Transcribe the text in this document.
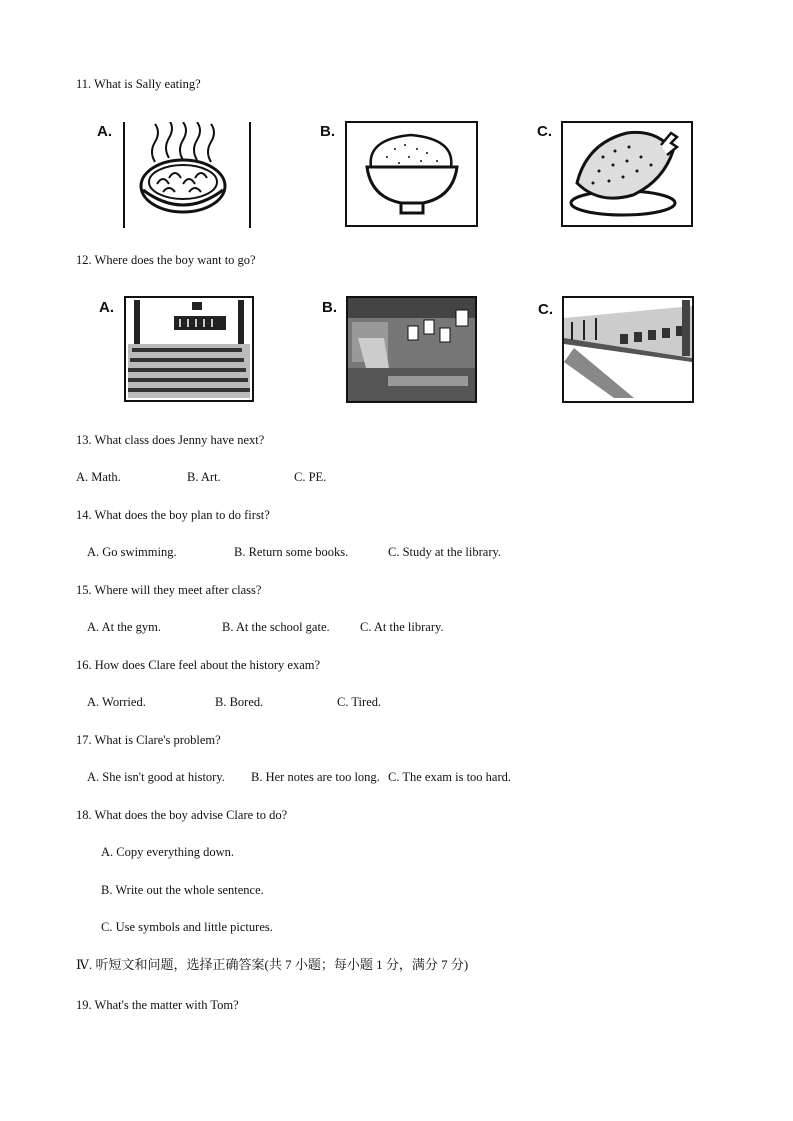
11. What is Sally eating?
A.	B.	C.
12. Where does the boy want to go?
A.	B.	C.
13. What class does Jenny have next?
A. Math.	B. Art.	C. PE.
14. What does the boy plan to do first?
A. Go swimming.	B. Return some books.	C. Study at the library.
15. Where will they meet after class?
A. At the gym.	B. At the school gate. C. At the library.
16. How does Clare feel about the history exam?
A. Worried.	B. Bored.	C. Tired.
17. What is Clare's problem?
A. She isn't good at history. B. Her notes are too long. C. The exam is too hard.
18. What does the boy advise Clare to do?
A. Copy everything down.
B. Write out the whole sentence.
C. Use symbols and little pictures.
Ⅳ. 听短文和问题，选择正确答案(共 7 小题；每小题 1 分，满分 7 分)
19. What's the matter with Tom?
